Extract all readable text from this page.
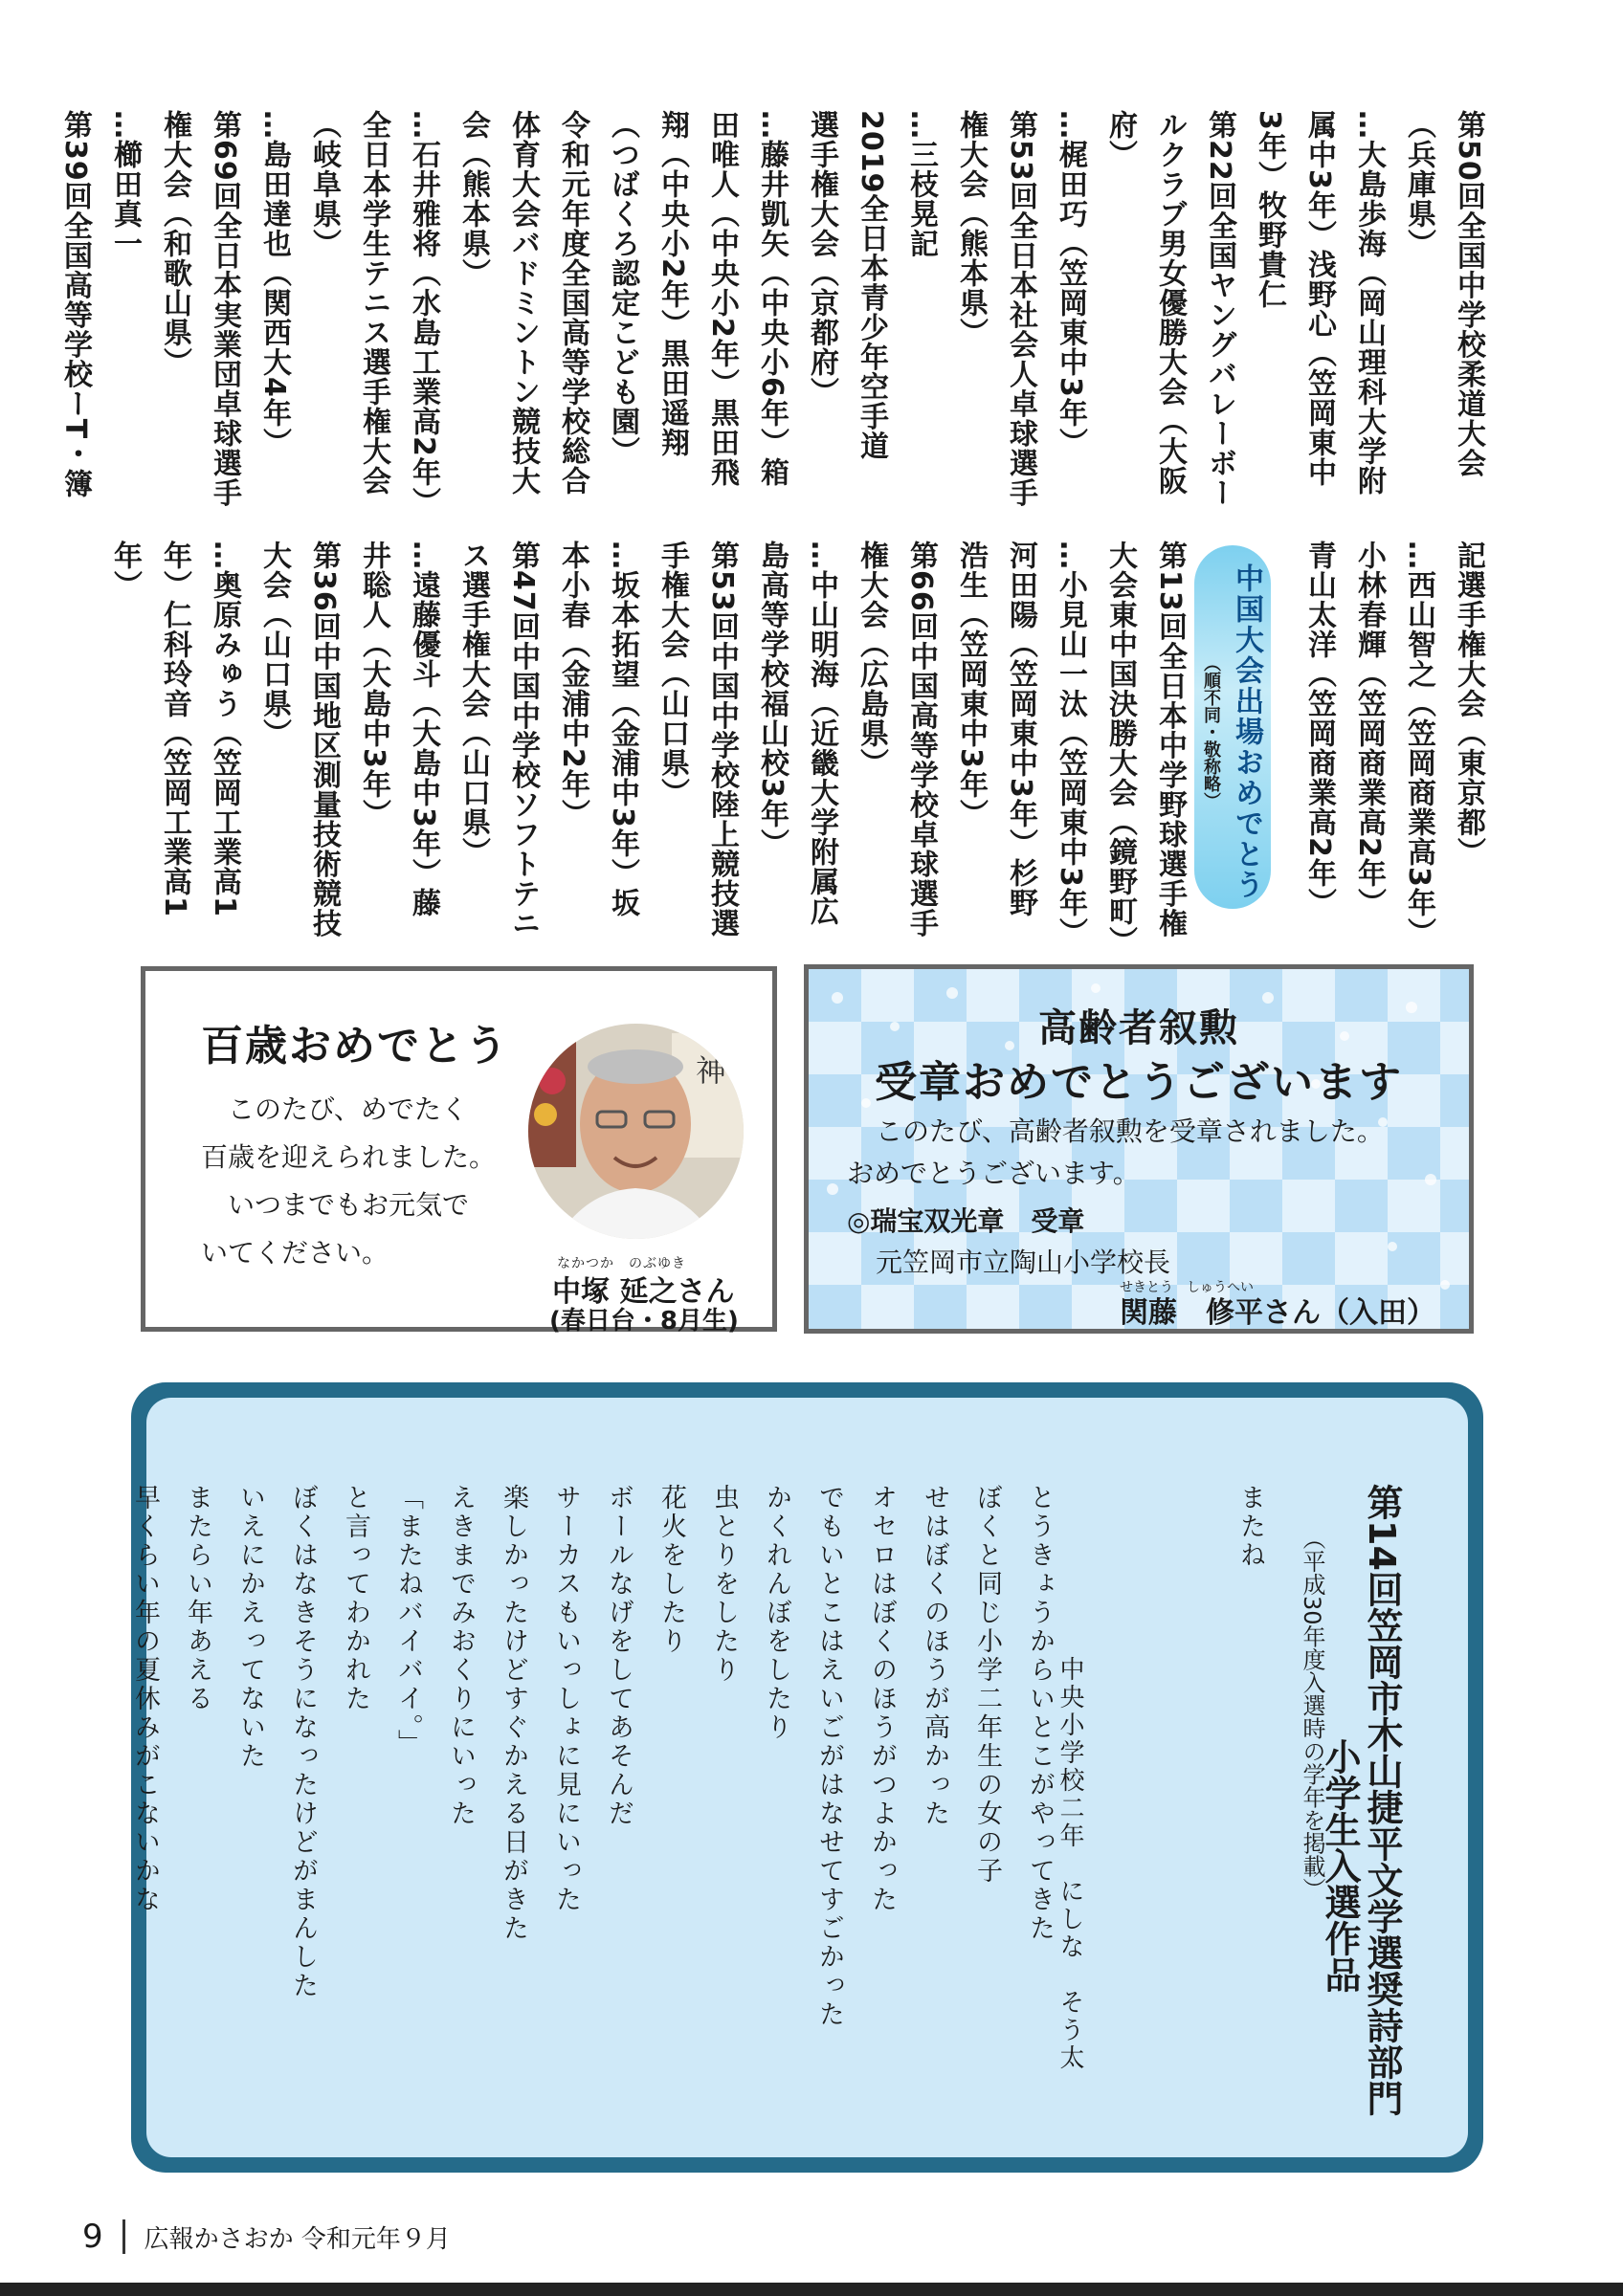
第50回全国中学校柔道大会
（兵庫県）
…大島歩海（岡山理科大学附
属中3年）浅野心（笠岡東中
3年）牧野貴仁
第22回全国ヤングバレーボー
ルクラブ男女優勝大会（大阪
府）
…梶田巧（笠岡東中3年）
第53回全日本社会人卓球選手
権大会（熊本県）
…三枝晃記
2019全日本青少年空手道
選手権大会（京都府）
…藤井凱矢（中央小6年）箱
田唯人（中央小2年）黒田飛
翔（中央小2年）黒田遥翔
（つばくろ認定こども園）
令和元年度全国高等学校総合
体育大会バドミントン競技大
会（熊本県）
…石井雅将（水島工業高2年）
全日本学生テニス選手権大会
（岐阜県）
…島田達也（関西大4年）
第69回全日本実業団卓球選手
権大会（和歌山県）
…櫛田真一
第39回全国高等学校ーT・簿
記選手権大会（東京都）
…西山智之（笠岡商業高3年）
小林春輝（笠岡商業高2年）
青山太洋（笠岡商業高2年）

第13回全日本中学野球選手権
大会東中国決勝大会（鏡野町）
…小見山一汰（笠岡東中3年）
河田陽（笠岡東中3年）杉野
浩生（笠岡東中3年）
第66回中国高等学校卓球選手
権大会（広島県）
…中山明海（近畿大学附属広
島高等学校福山校3年）
第53回中国中学校陸上競技選
手権大会（山口県）
…坂本拓望（金浦中3年）坂
本小春（金浦中2年）
第47回中国中学校ソフトテニ
ス選手権大会（山口県）
…遠藤優斗（大島中3年）藤
井聡人（大島中3年）
第36回中国地区測量技術競技
大会（山口県）
…奥原みゅう（笠岡工業高1
年）仁科玲音（笠岡工業高1
年）	中国大会出場おめでとう
（順不同・敬称略）
百歳おめでとう
　このたび、めでたく
百歳を迎えられました。
　いつまでもお元気で
いてください。
神
なかつか　のぶゆき
中塚 延之さん
(春日台・8月生)
高齢者叙勲
受章おめでとうございます
このたび、高齢者叙勲を受章されました。
おめでとうございます。
◎瑞宝双光章　受章
元笠岡市立陶山小学校長
せきとう しゅうへい
関藤　修平さん（入田）
第14回笠岡市木山捷平文学選奨詩部門
　　　　　　　小学生入選作品
（平成30年度入選時の学年を掲載）

中央小学校二年　にしな　そう太
またね

とうきょうからいとこがやってきた
ぼくと同じ小学二年生の女の子
せはぼくのほうが高かった
オセロはぼくのほうがつよかった
でもいとこはえいごがはなせてすごかった
かくれんぼをしたり
虫とりをしたり
花火をしたり
ボールなげをしてあそんだ
サーカスもいっしょに見にいった
楽しかったけどすぐかえる日がきた
えきまでみおくりにいった
「またねバイバイ。」
と言ってわかれた
ぼくはなきそうになったけどがまんした
いえにかえってないた
またらい年あえる
早くらい年の夏休みがこないかな
9 広報かさおか 令和元年９月
